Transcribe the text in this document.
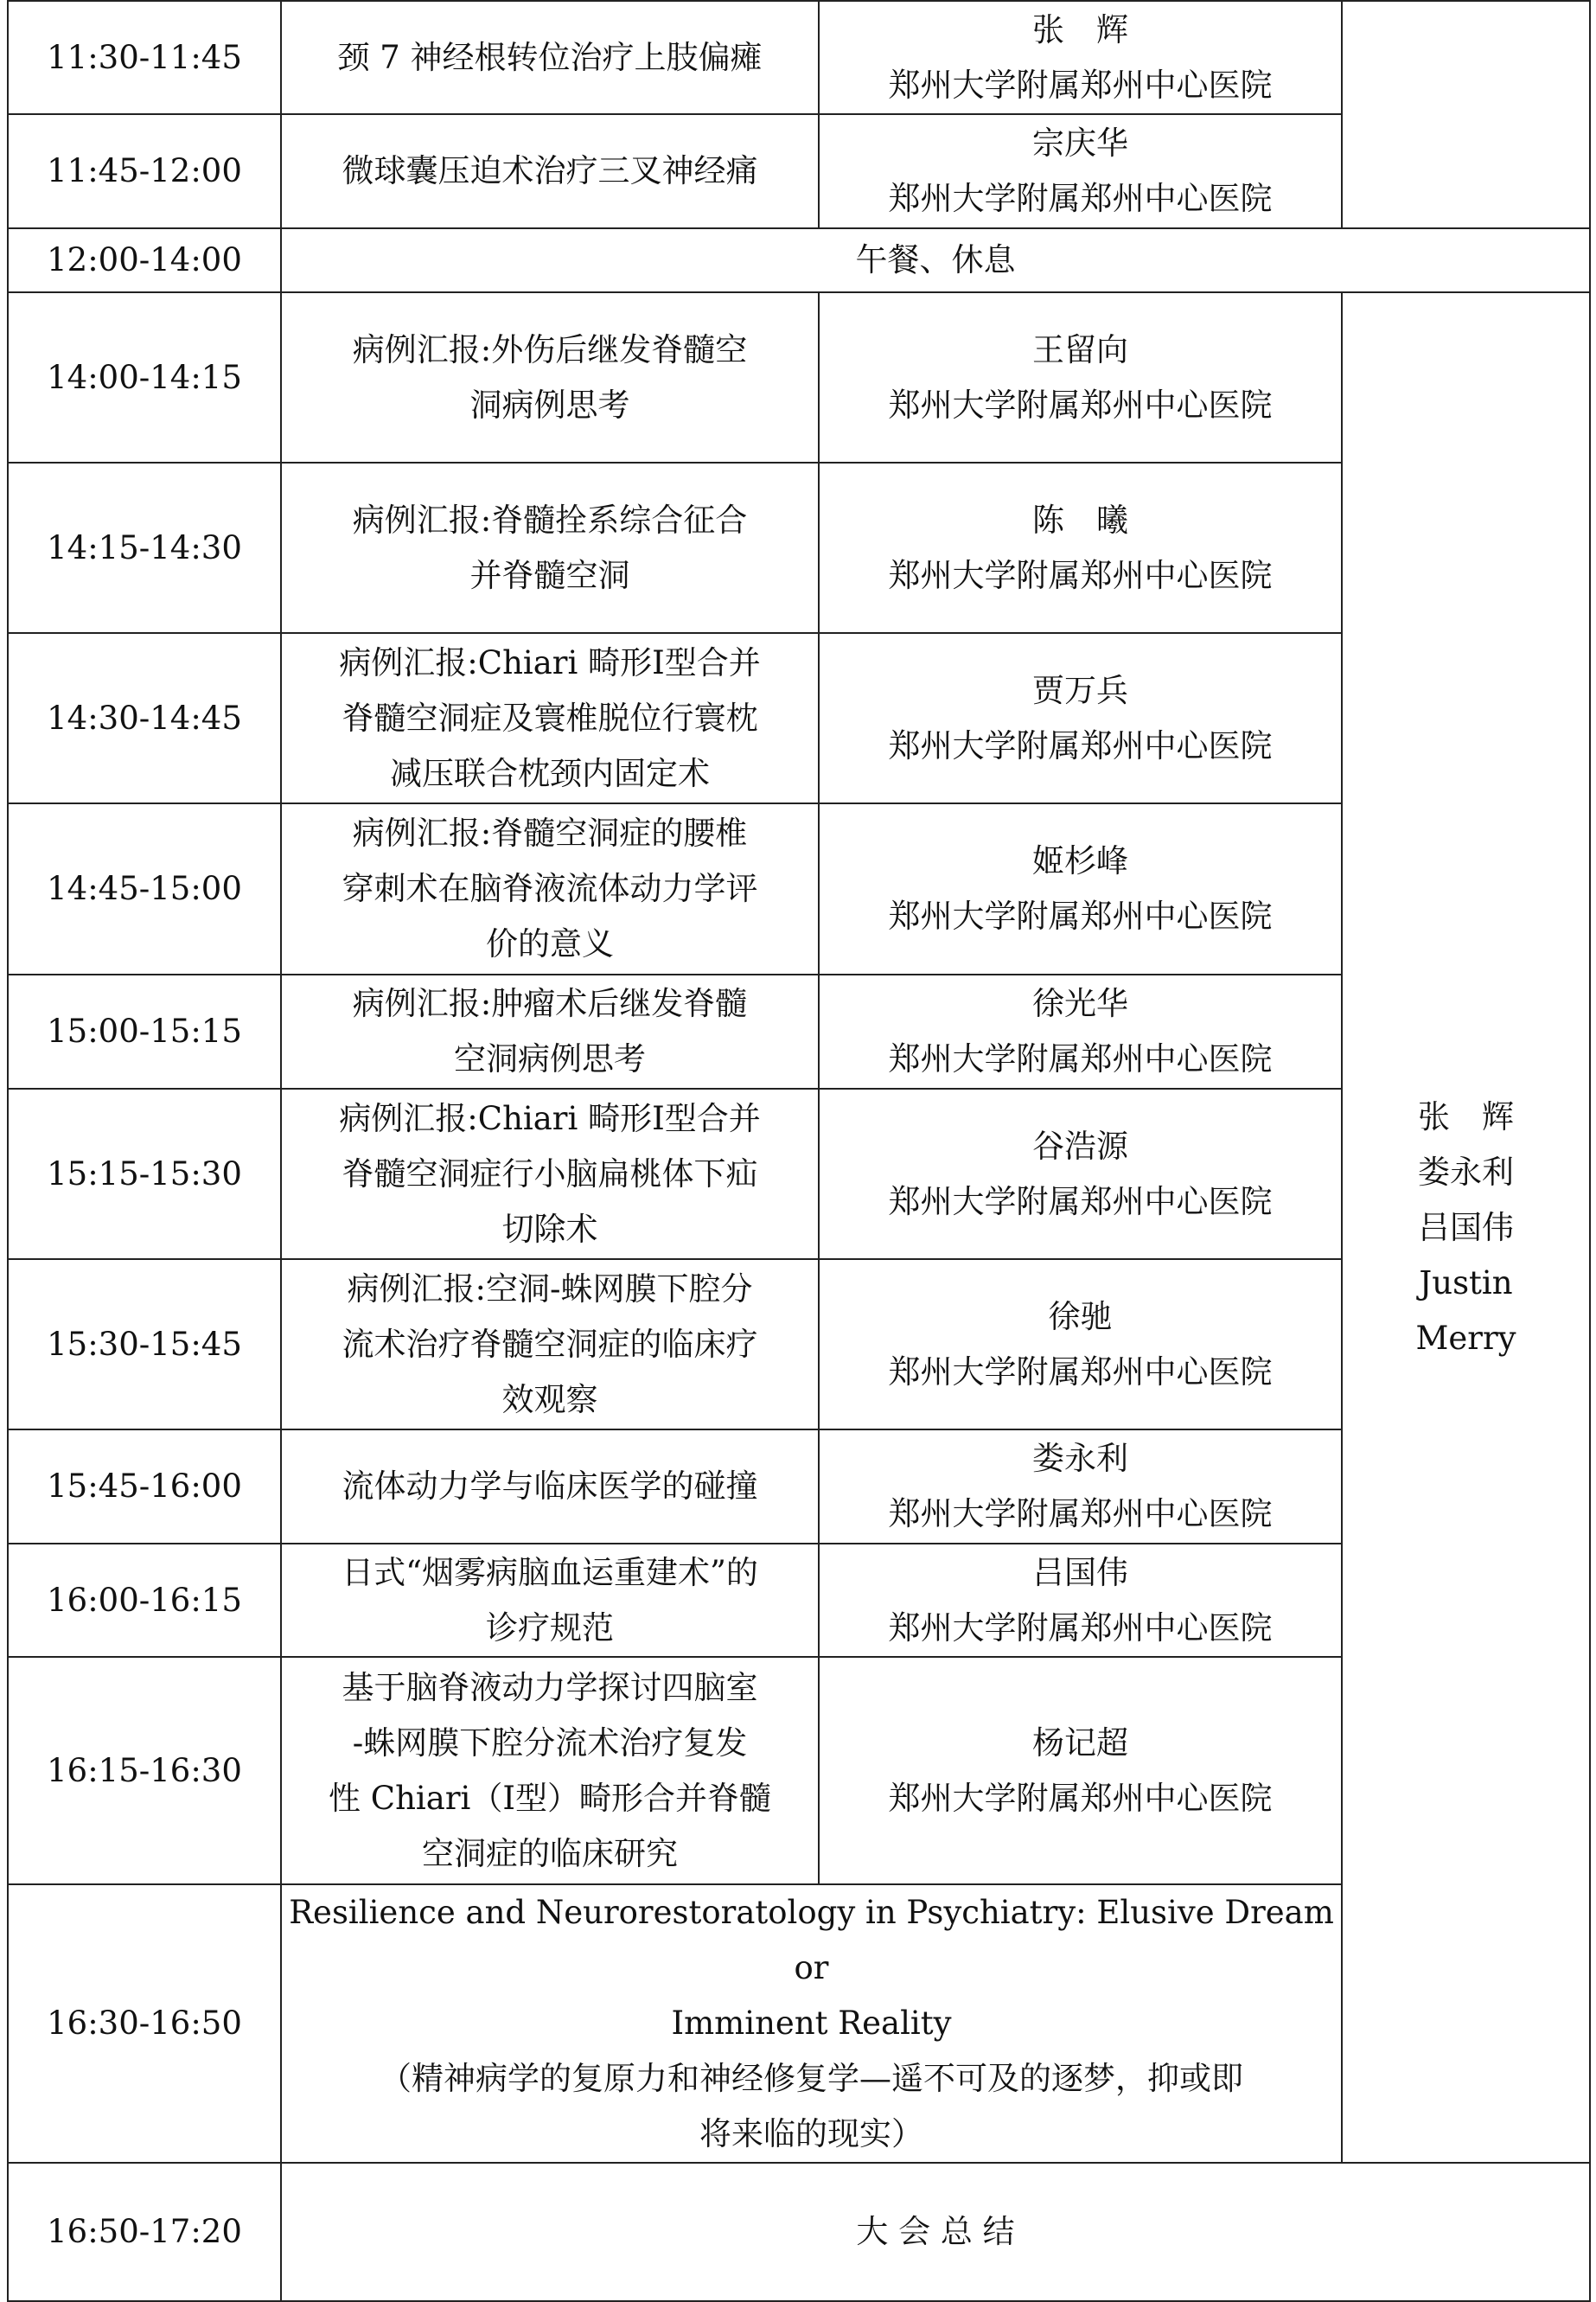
11:30-11:45	颈 7 神经根转位治疗上肢偏瘫	张　辉
郑州大学附属郑州中心医院	
11:45-12:00	微球囊压迫术治疗三叉神经痛	宗庆华
郑州大学附属郑州中心医院	
12:00-14:00	午餐、休息		
14:00-14:15	病例汇报:外伤后继发脊髓空
洞病例思考	王留向
郑州大学附属郑州中心医院	张　辉
娄永利
吕国伟
Justin
Merry
14:15-14:30	病例汇报:脊髓拴系综合征合
并脊髓空洞	陈　曦
郑州大学附属郑州中心医院	
14:30-14:45	病例汇报:Chiari 畸形I型合并
脊髓空洞症及寰椎脱位行寰枕
减压联合枕颈内固定术	贾万兵
郑州大学附属郑州中心医院	
14:45-15:00	病例汇报:脊髓空洞症的腰椎
穿刺术在脑脊液流体动力学评
价的意义	姬杉峰
郑州大学附属郑州中心医院	
15:00-15:15	病例汇报:肿瘤术后继发脊髓
空洞病例思考	徐光华
郑州大学附属郑州中心医院	
15:15-15:30	病例汇报:Chiari 畸形I型合并
脊髓空洞症行小脑扁桃体下疝
切除术	谷浩源
郑州大学附属郑州中心医院	
15:30-15:45	病例汇报:空洞-蛛网膜下腔分
流术治疗脊髓空洞症的临床疗
效观察	徐驰
郑州大学附属郑州中心医院	
15:45-16:00	流体动力学与临床医学的碰撞	娄永利
郑州大学附属郑州中心医院	
16:00-16:15	日式“烟雾病脑血运重建术”的
诊疗规范	吕国伟
郑州大学附属郑州中心医院	
16:15-16:30	基于脑脊液动力学探讨四脑室
-蛛网膜下腔分流术治疗复发
性 Chiari（I型）畸形合并脊髓
空洞症的临床研究	杨记超
郑州大学附属郑州中心医院	
16:30-16:50	Resilience and Neurorestoratology in Psychiatry: Elusive Dream or
Imminent Reality
（精神病学的复原力和神经修复学—遥不可及的逐梦，抑或即
将来临的现实）		
16:50-17:20	大 会 总 结		
